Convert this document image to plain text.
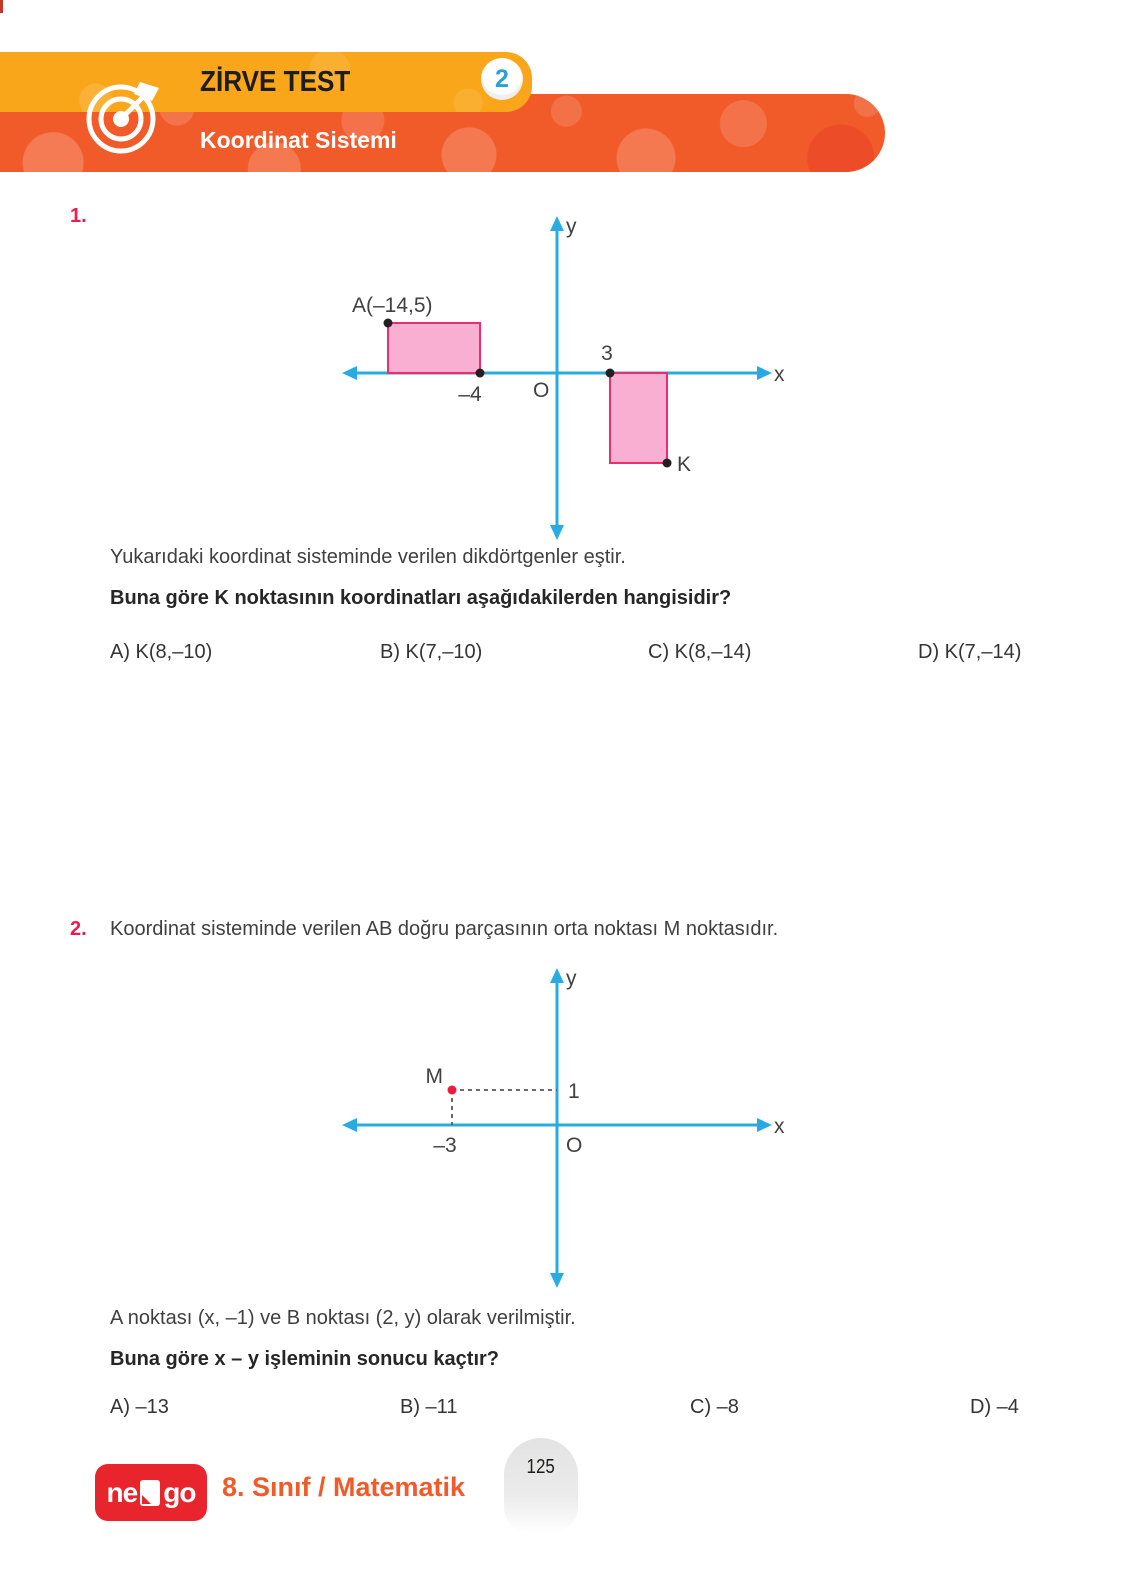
ZİRVE TEST	2
Koordinat Sistemi
1.	y
x
O
A(–14,5)
–4
3
K
Yukarıdaki koordinat sisteminde verilen dikdörtgenler eştir.
Buna göre K noktasının koordinatları aşağıdakilerden hangisidir?
A) K(8,–10)	B) K(7,–10)	C) K(8,–14)	D) K(7,–14)
2. Koordinat sisteminde verilen AB doğru parçasının orta noktası M noktasıdır.
y
x
O
M
1
–3
A noktası (x, –1) ve B noktası (2, y) olarak verilmiştir.
Buna göre x – y işleminin sonucu kaçtır?
A) –13	B) –11	C) –8	D) –4
125
ne go 8. Sınıf / Matematik
